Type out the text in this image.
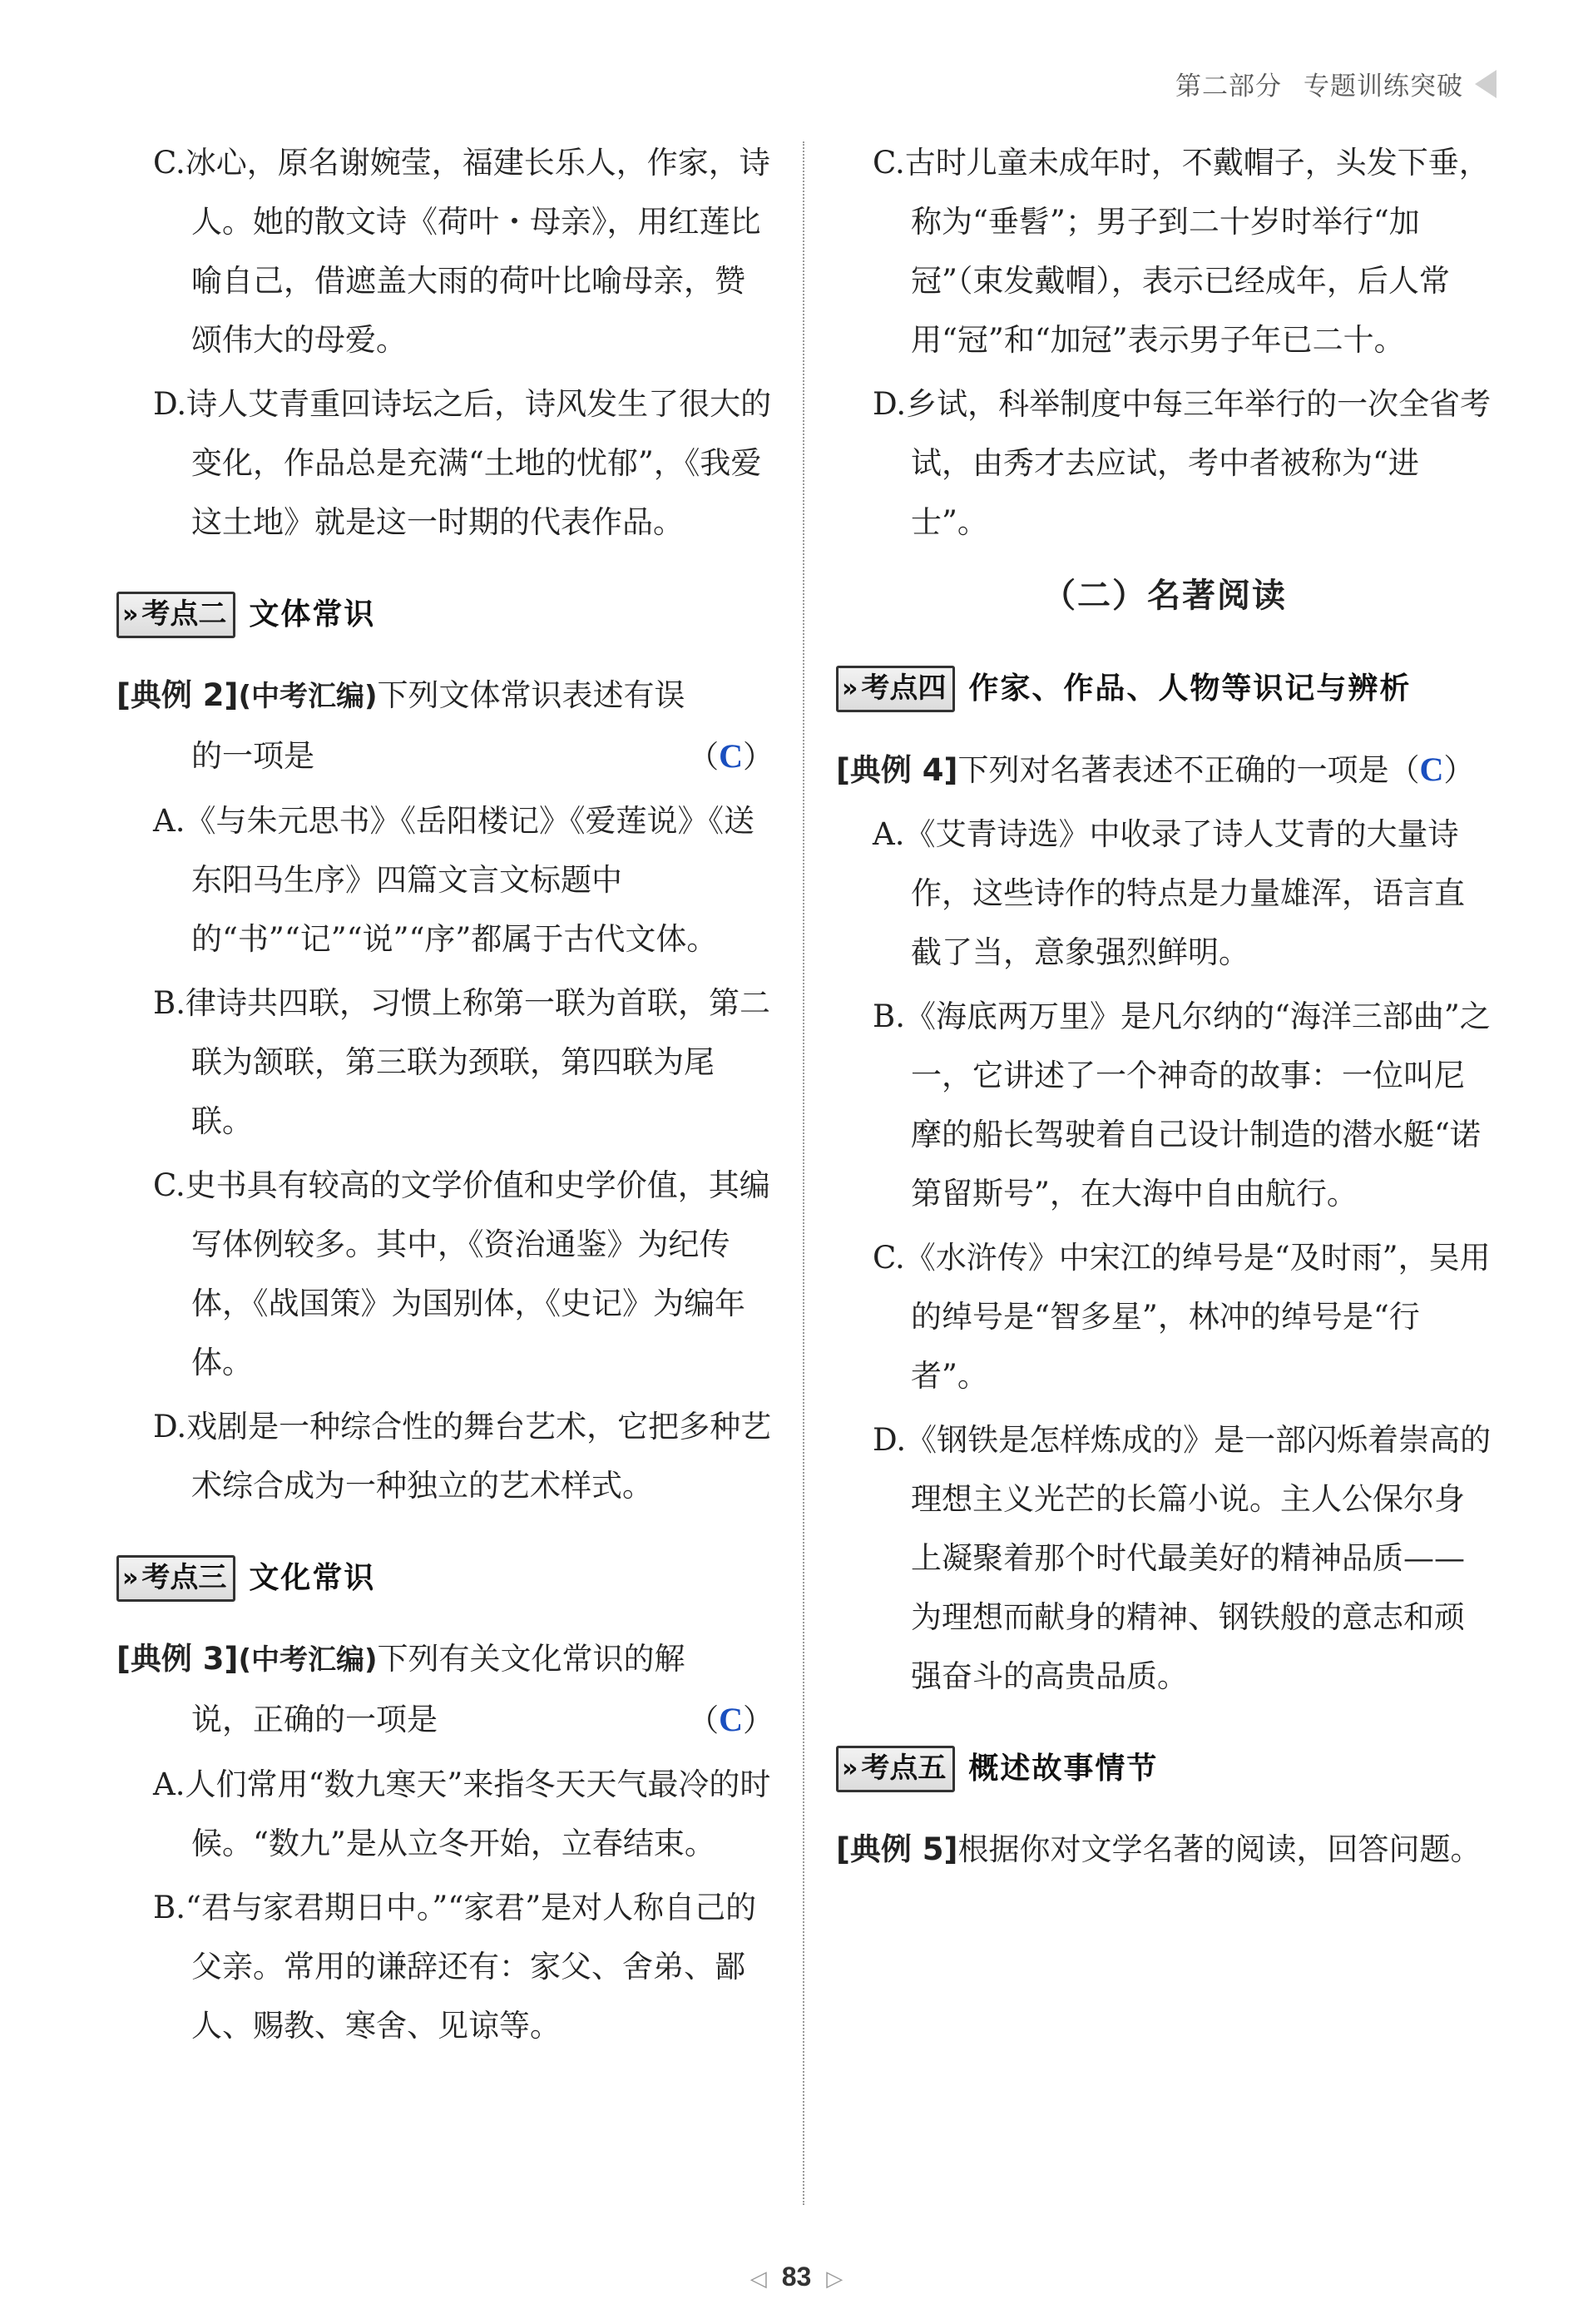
第二部分 专题训练突破
C.冰心，原名谢婉莹，福建长乐人，作家，诗人。她的散文诗《荷叶・母亲》，用红莲比喻自己，借遮盖大雨的荷叶比喻母亲，赞颂伟大的母爱。
D.诗人艾青重回诗坛之后，诗风发生了很大的变化，作品总是充满“土地的忧郁”，《我爱这土地》就是这一时期的代表作品。
» 考点二 文体常识
[典例 2](中考汇编)下列文体常识表述有误
的一项是	（C）
A.《与朱元思书》《岳阳楼记》《爱莲说》《送东阳马生序》四篇文言文标题中的“书”“记”“说”“序”都属于古代文体。
B.律诗共四联，习惯上称第一联为首联，第二联为颔联，第三联为颈联，第四联为尾联。
C.史书具有较高的文学价值和史学价值，其编写体例较多。其中，《资治通鉴》为纪传体，《战国策》为国别体，《史记》为编年体。
D.戏剧是一种综合性的舞台艺术，它把多种艺术综合成为一种独立的艺术样式。
» 考点三 文化常识
[典例 3](中考汇编)下列有关文化常识的解
说，正确的一项是	（C）
A.人们常用“数九寒天”来指冬天天气最冷的时候。“数九”是从立冬开始，立春结束。
B.“君与家君期日中。”“家君”是对人称自己的父亲。常用的谦辞还有：家父、舍弟、鄙人、赐教、寒舍、见谅等。
C.古时儿童未成年时，不戴帽子，头发下垂，称为“垂髫”；男子到二十岁时举行“加冠”（束发戴帽），表示已经成年，后人常用“冠”和“加冠”表示男子年已二十。
D.乡试，科举制度中每三年举行的一次全省考试，由秀才去应试，考中者被称为“进士”。
（二）名著阅读
» 考点四 作家、作品、人物等识记与辨析
[典例 4]下列对名著表述不正确的一项是（C）
A.《艾青诗选》中收录了诗人艾青的大量诗作，这些诗作的特点是力量雄浑，语言直截了当，意象强烈鲜明。
B.《海底两万里》是凡尔纳的“海洋三部曲”之一，它讲述了一个神奇的故事：一位叫尼摩的船长驾驶着自己设计制造的潜水艇“诺第留斯号”，在大海中自由航行。
C.《水浒传》中宋江的绰号是“及时雨”，吴用的绰号是“智多星”，林冲的绰号是“行者”。
D.《钢铁是怎样炼成的》是一部闪烁着崇高的理想主义光芒的长篇小说。主人公保尔身上凝聚着那个时代最美好的精神品质——为理想而献身的精神、钢铁般的意志和顽强奋斗的高贵品质。
» 考点五 概述故事情节
[典例 5]根据你对文学名著的阅读，回答问题。
◁ 83 ▷
